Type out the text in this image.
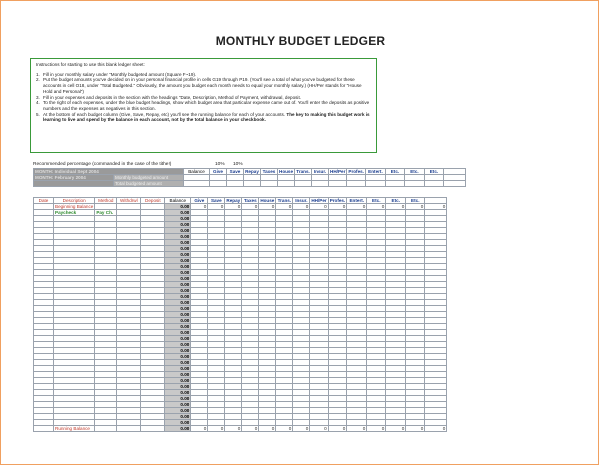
MONTHLY BUDGET LEDGER
Instructions for starting to use this blank ledger sheet:
1. Fill in your monthly salary under "Monthly budgeted amount (Square F~19).
2. Put the budget amounts you've decided on in your personal financial profile in cells G19 through P19. (You'll see a total of what you've budgeted for these accounts in cell O18, under "Total Budgeted." Obviously, the amount you budget each month needs to equal your monthly salary.) (HH/Per stands for "House Hold and Personal")
3. Fill in your expenses and deposits in the section with the headings "Date, Description, Method of Payment, withdrawal, deposit.
4. To the right of each expenses, under the blue budget headings, show which budget area that particular expense came out of. You'll enter the deposits as positive numbers and the expenses as negatives in this section.
5. At the bottom of each budget column (Give, Save, Repay, etc) you'll see the running balance for each of your accounts. The key to making this budget work is learning to live and spend by the balance in each account, not by the total balance in your checkbook.
Recommended percentage (commanded in the case of the tithe!)	10% 10%
MONTH: Individual Sept 2004		Balance	Give	Save	Repay	Taxes	House	Trans.	Insur.	HH/Per	Profes.	Entert.	Etc.	Etc.	Etc.	
MONTH: February 2004	Monthly budgeted amount															
	Total budgeted amount															
Date	Description	Method	Withdrwl	Deposit	Balance	Give	Save	Repay	Taxes	House	Trans.	Insur.	HH/Per	Profes.	Entert.	Etc.	Etc.	Etc.	
	Beginning Balance				0.00	0	0	0	0	0	0	0	0	0	0	0	0	0	0
	Paycheck	Pay Ch.			0.00														
					0.00														
					0.00														
					0.00														
					0.00														
					0.00														
					0.00														
					0.00														
					0.00														
					0.00														
					0.00														
					0.00														
					0.00														
					0.00														
					0.00														
					0.00														
					0.00														
					0.00														
					0.00														
					0.00														
					0.00														
					0.00														
					0.00														
					0.00														
					0.00														
					0.00														
					0.00														
					0.00														
					0.00														
					0.00														
					0.00														
					0.00														
					0.00														
					0.00														
					0.00														
					0.00														
	Running Balance				0.00	0	0	0	0	0	0	0	0	0	0	0	0	0	0
